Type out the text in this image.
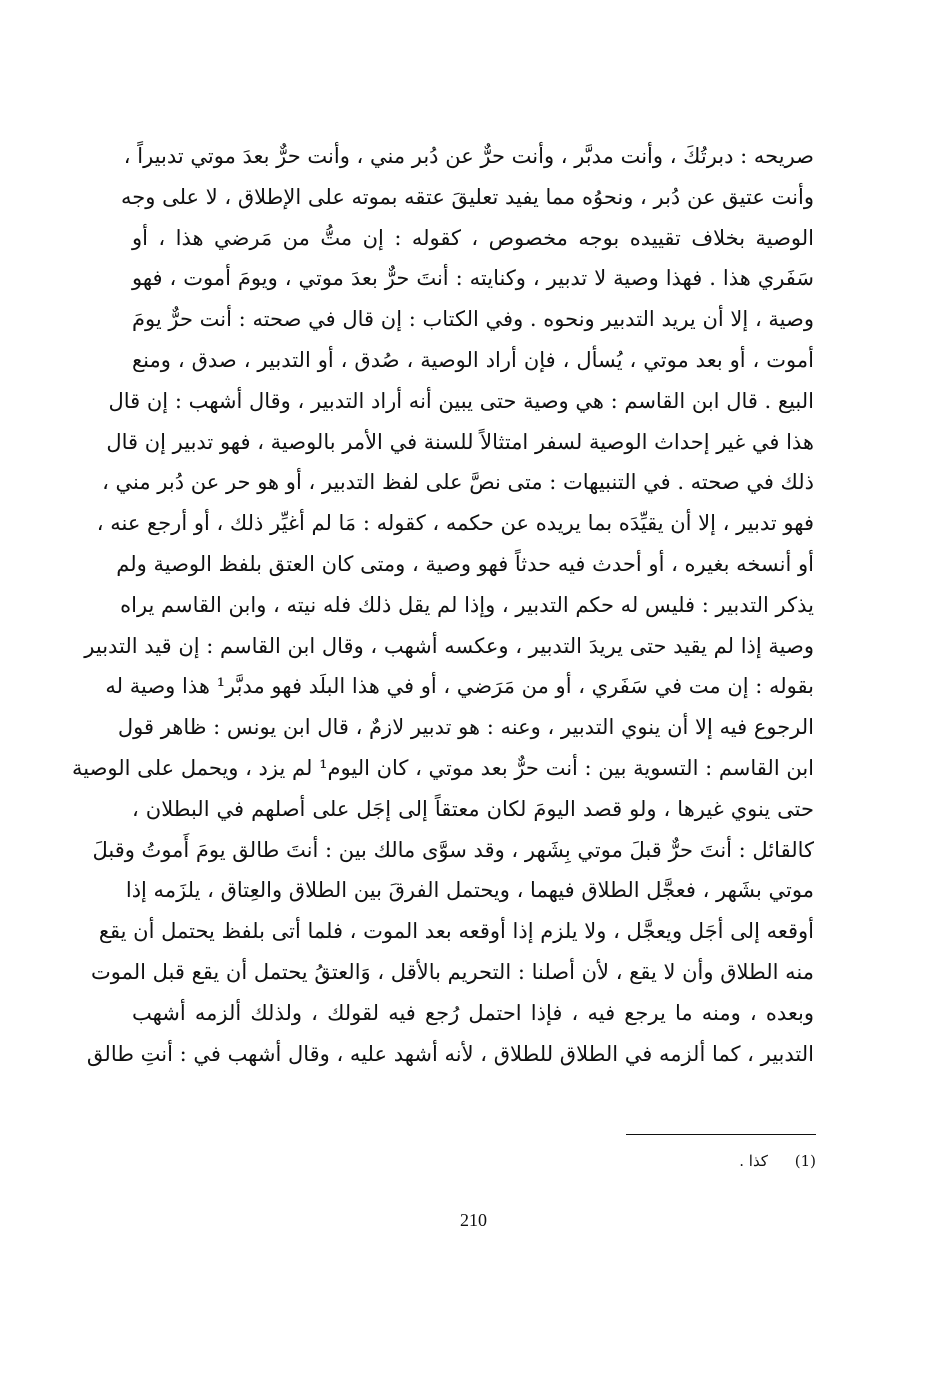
صريحه : دبرتُكَ ، وأنت مدبَّر ، وأنت حرٌّ عن دُبر مني ، وأنت حرٌّ بعدَ موتي تدبيراً ،
وأنت عتيق عن دُبر ، ونحوُه مما يفيد تعليقَ عتقه بموته على الإطلاق ، لا على وجه
الوصية بخلاف تقييده بوجه مخصوص ، كقوله : إن متُّ من مَرضي هذا ، أو
سَفَري هذا . فهذا وصية لا تدبير ، وكنايته : أنتَ حرٌّ بعدَ موتي ، ويومَ أموت ، فهو
وصية ، إلا أن يريد التدبير ونحوه . وفي الكتاب : إن قال في صحته : أنت حرٌّ يومَ
أموت ، أو بعد موتي ، يُسأل ، فإن أراد الوصية ، صُدق ، أو التدبير ، صدق ، ومنع
البيع . قال ابن القاسم : هي وصية حتى يبين أنه أراد التدبير ، وقال أشهب : إن قال
هذا في غير إحداث الوصية لسفر امتثالاً للسنة في الأمر بالوصية ، فهو تدبير إن قال
ذلك في صحته . في التنبيهات : متى نصَّ على لفظ التدبير ، أو هو حر عن دُبر مني ،
فهو تدبير ، إلا أن يقيِّدَه بما يريده عن حكمه ، كقوله : مَا لم أغيِّر ذلك ، أو أرجع عنه ،
أو أنسخه بغيره ، أو أحدث فيه حدثاً فهو وصية ، ومتى كان العتق بلفظ الوصية ولم
يذكر التدبير : فليس له حكم التدبير ، وإذا لم يقل ذلك فله نيته ، وابن القاسم يراه
وصية إذا لم يقيد حتى يريدَ التدبير ، وعكسه أشهب ، وقال ابن القاسم : إن قيد التدبير
بقوله : إن مت في سَفَري ، أو من مَرَضي ، أو في هذا البلَد فهو مدبَّر¹ هذا وصية له
الرجوع فيه إلا أن ينوي التدبير ، وعنه : هو تدبير لازمٌ ، قال ابن يونس : ظاهر قول
ابن القاسم : التسوية بين : أنت حرٌّ بعد موتي ، كان اليوم¹ لم يزد ، ويحمل على الوصية
حتى ينوي غيرها ، ولو قصد اليومَ لكان معتقاً إلى إجَل على أصلهم في البطلان ،
كالقائل : أنتَ حرٌّ قبلَ موتي بِشَهر ، وقد سوَّى مالك بين : أنتَ طالق يومَ أَموتُ وقبلَ
موتي بشَهر ، فعجَّل الطلاق فيهما ، ويحتمل الفرقَ بين الطلاق والعِتاق ، يلزَمه إذا
أوقعه إلى أجَل ويعجَّل ، ولا يلزم إذا أوقعه بعد الموت ، فلما أتى بلفظ يحتمل أن يقع
منه الطلاق وأن لا يقع ، لأن أصلنا : التحريم بالأقل ، وَالعتقُ يحتمل أن يقع قبل الموت
وبعده ، ومنه ما يرجع فيه ، فإذا احتمل رُجع فيه لقولك ، ولذلك ألزمه أشهب
التدبير ، كما ألزمه في الطلاق للطلاق ، لأنه أشهد عليه ، وقال أشهب في : أنتِ طالق
(1) كذا .
210
